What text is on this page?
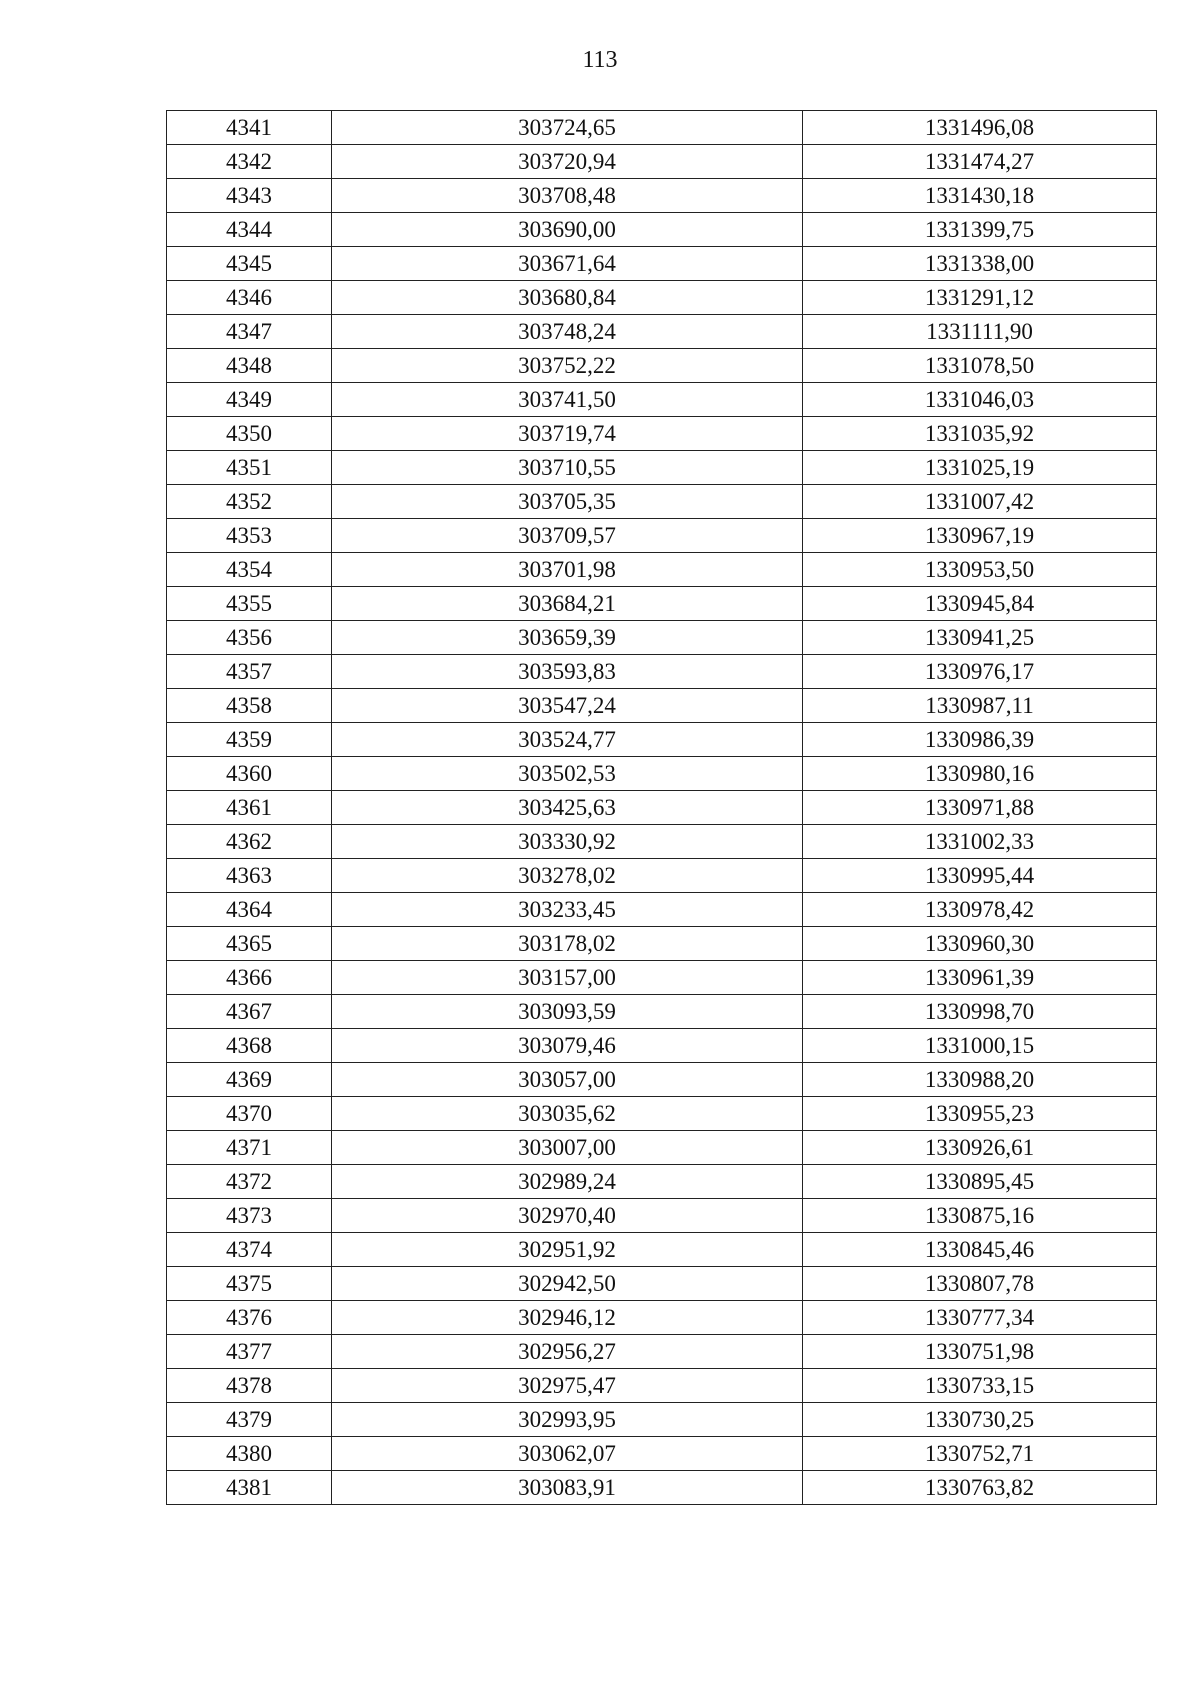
113
4341	303724,65	1331496,08
4342	303720,94	1331474,27
4343	303708,48	1331430,18
4344	303690,00	1331399,75
4345	303671,64	1331338,00
4346	303680,84	1331291,12
4347	303748,24	1331111,90
4348	303752,22	1331078,50
4349	303741,50	1331046,03
4350	303719,74	1331035,92
4351	303710,55	1331025,19
4352	303705,35	1331007,42
4353	303709,57	1330967,19
4354	303701,98	1330953,50
4355	303684,21	1330945,84
4356	303659,39	1330941,25
4357	303593,83	1330976,17
4358	303547,24	1330987,11
4359	303524,77	1330986,39
4360	303502,53	1330980,16
4361	303425,63	1330971,88
4362	303330,92	1331002,33
4363	303278,02	1330995,44
4364	303233,45	1330978,42
4365	303178,02	1330960,30
4366	303157,00	1330961,39
4367	303093,59	1330998,70
4368	303079,46	1331000,15
4369	303057,00	1330988,20
4370	303035,62	1330955,23
4371	303007,00	1330926,61
4372	302989,24	1330895,45
4373	302970,40	1330875,16
4374	302951,92	1330845,46
4375	302942,50	1330807,78
4376	302946,12	1330777,34
4377	302956,27	1330751,98
4378	302975,47	1330733,15
4379	302993,95	1330730,25
4380	303062,07	1330752,71
4381	303083,91	1330763,82
